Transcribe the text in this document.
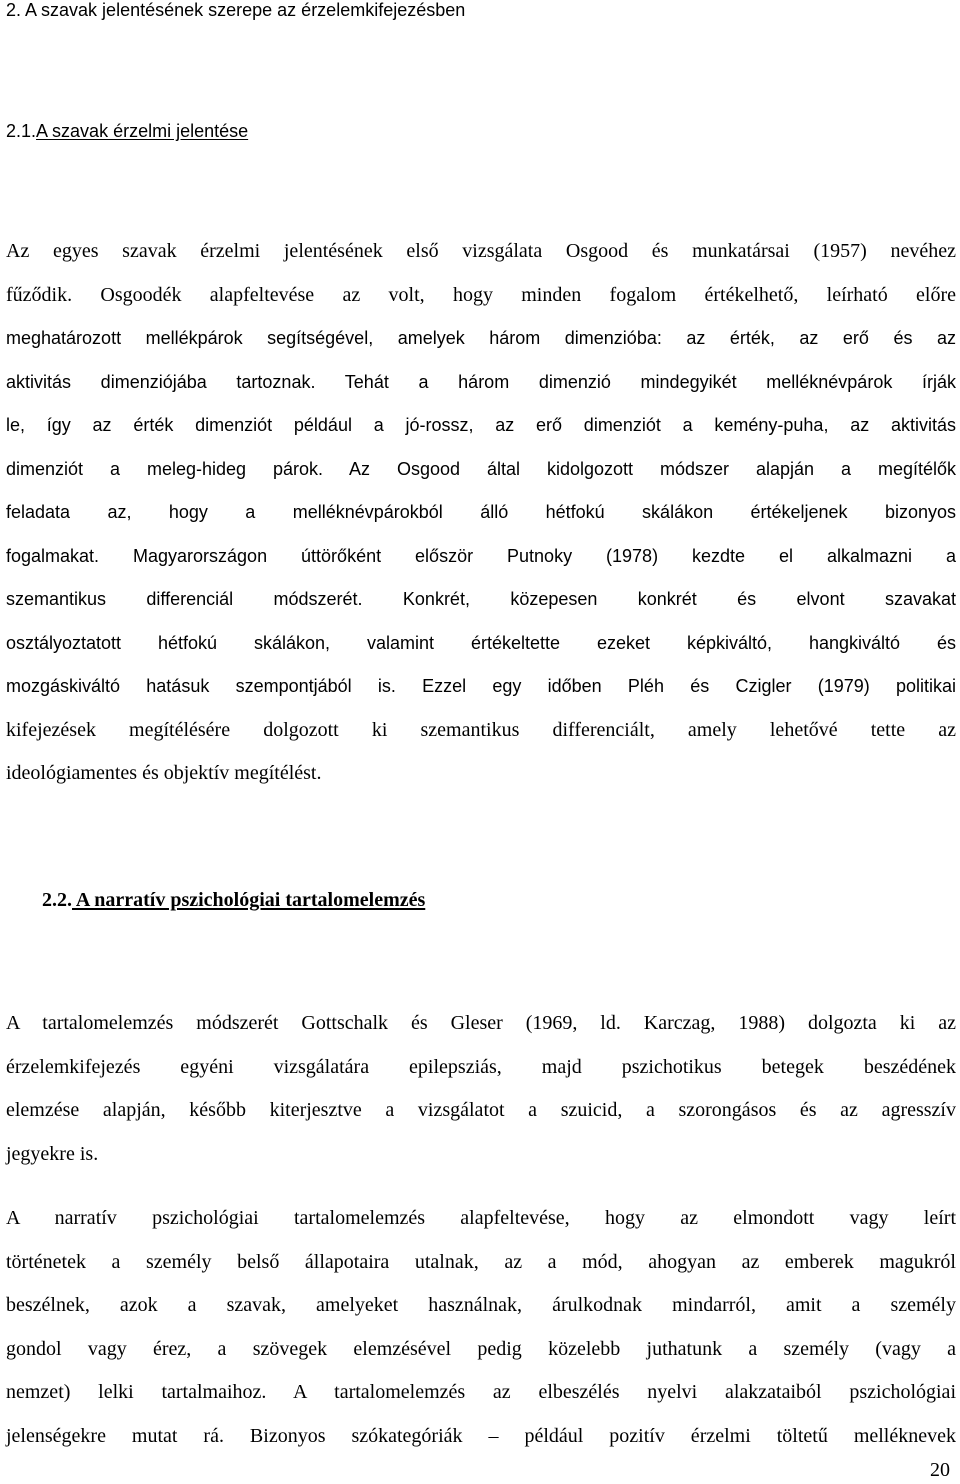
2. A szavak jelentésének szerepe az érzelemkifejezésben
2.1.A szavak érzelmi jelentése
Az egyes szavak érzelmi jelentésének első vizsgálata Osgood és munkatársai (1957) nevéhez
fűződik. Osgoodék alapfeltevése az volt, hogy minden fogalom értékelhető, leírható előre
meghatározott mellékpárok segítségével, amelyek három dimenzióba: az érték, az erő és az
aktivitás dimenziójába tartoznak. Tehát a három dimenzió mindegyikét melléknévpárok írják
le, így az érték dimenziót például a jó-rossz, az erő dimenziót a kemény-puha, az aktivitás
dimenziót a meleg-hideg párok. Az Osgood által kidolgozott módszer alapján a megítélők
feladata az, hogy a melléknévpárokból álló hétfokú skálákon értékeljenek bizonyos
fogalmakat. Magyarországon úttörőként először Putnoky (1978) kezdte el alkalmazni a
szemantikus differenciál módszerét. Konkrét, közepesen konkrét és elvont szavakat
osztályoztatott hétfokú skálákon, valamint értékeltette ezeket képkiváltó, hangkiváltó és
mozgáskiváltó hatásuk szempontjából is. Ezzel egy időben Pléh és Czigler (1979) politikai
kifejezések megítélésére dolgozott ki szemantikus differenciált, amely lehetővé tette az
ideológiamentes és objektív megítélést.
2.2. A narratív pszichológiai tartalomelemzés
A tartalomelemzés módszerét Gottschalk és Gleser (1969, ld. Karczag, 1988) dolgozta ki az
érzelemkifejezés egyéni vizsgálatára epilepsziás, majd pszichotikus betegek beszédének
elemzése alapján, később kiterjesztve a vizsgálatot a szuicid, a szorongásos és az agresszív
jegyekre is.
A narratív pszichológiai tartalomelemzés alapfeltevése, hogy az elmondott vagy leírt
történetek a személy belső állapotaira utalnak, az a mód, ahogyan az emberek magukról
beszélnek, azok a szavak, amelyeket használnak, árulkodnak mindarról, amit a személy
gondol vagy érez, a szövegek elemzésével pedig közelebb juthatunk a személy (vagy a
nemzet) lelki tartalmaihoz. A tartalomelemzés az elbeszélés nyelvi alakzataiból pszichológiai
jelenségekre mutat rá. Bizonyos szókategóriák – például pozitív érzelmi töltetű melléknevek
20
